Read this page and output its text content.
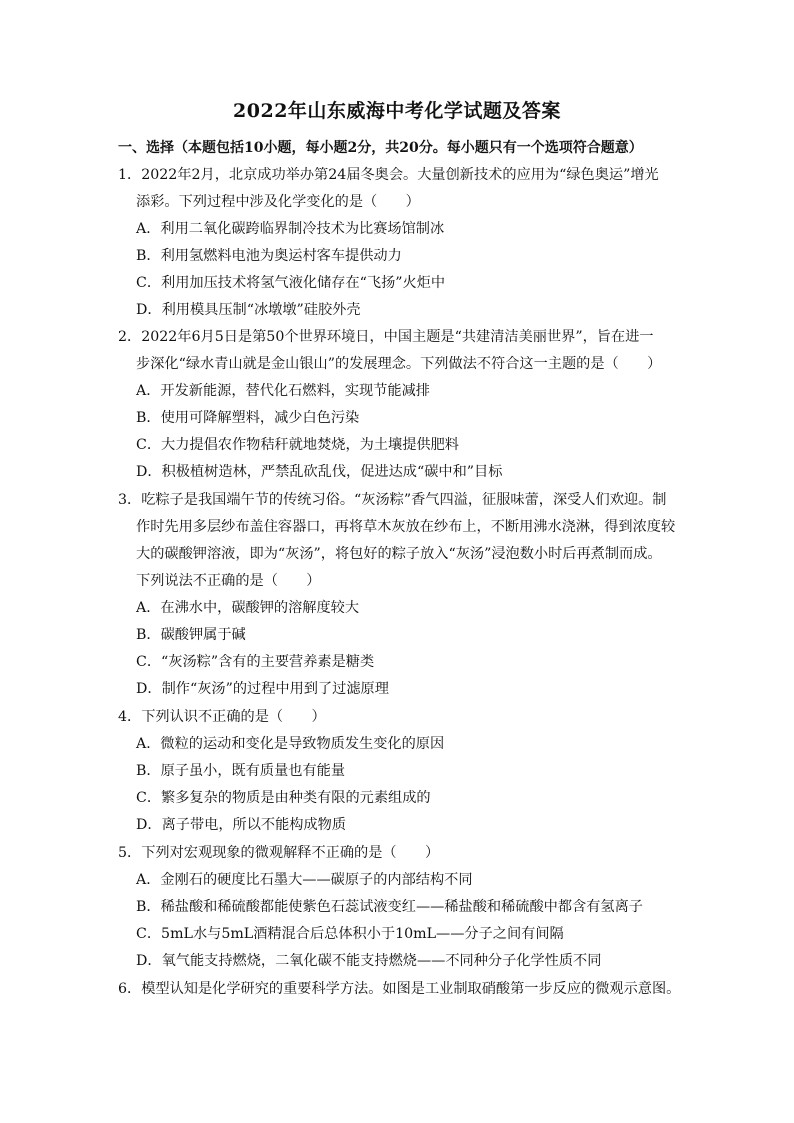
2022年山东威海中考化学试题及答案
一、选择（本题包括10小题，每小题2分，共20分。每小题只有一个选项符合题意）
1．2022年2月，北京成功举办第24届冬奥会。大量创新技术的应用为“绿色奥运”增光
添彩。下列过程中涉及化学变化的是（　　）
A．利用二氧化碳跨临界制冷技术为比赛场馆制冰
B．利用氢燃料电池为奥运村客车提供动力
C．利用加压技术将氢气液化储存在“飞扬”火炬中
D．利用模具压制“冰墩墩”硅胶外壳
2．2022年6月5日是第50个世界环境日，中国主题是“共建清洁美丽世界”，旨在进一
步深化“绿水青山就是金山银山”的发展理念。下列做法不符合这一主题的是（　　）
A．开发新能源，替代化石燃料，实现节能减排
B．使用可降解塑料，减少白色污染
C．大力提倡农作物秸秆就地焚烧，为土壤提供肥料
D．积极植树造林，严禁乱砍乱伐，促进达成“碳中和”目标
3．吃粽子是我国端午节的传统习俗。“灰汤粽”香气四溢，征服味蕾，深受人们欢迎。制
作时先用多层纱布盖住容器口，再将草木灰放在纱布上，不断用沸水浇淋，得到浓度较
大的碳酸钾溶液，即为“灰汤”，将包好的粽子放入“灰汤”浸泡数小时后再煮制而成。
下列说法不正确的是（　　）
A．在沸水中，碳酸钾的溶解度较大
B．碳酸钾属于碱
C．“灰汤粽”含有的主要营养素是糖类
D．制作“灰汤”的过程中用到了过滤原理
4．下列认识不正确的是（　　）
A．微粒的运动和变化是导致物质发生变化的原因
B．原子虽小，既有质量也有能量
C．繁多复杂的物质是由种类有限的元素组成的
D．离子带电，所以不能构成物质
5．下列对宏观现象的微观解释不正确的是（　　）
A．金刚石的硬度比石墨大——碳原子的内部结构不同
B．稀盐酸和稀硫酸都能使紫色石蕊试液变红——稀盐酸和稀硫酸中都含有氢离子
C．5mL水与5mL酒精混合后总体积小于10mL——分子之间有间隔
D．氧气能支持燃烧，二氧化碳不能支持燃烧——不同种分子化学性质不同
6．模型认知是化学研究的重要科学方法。如图是工业制取硝酸第一步反应的微观示意图。
